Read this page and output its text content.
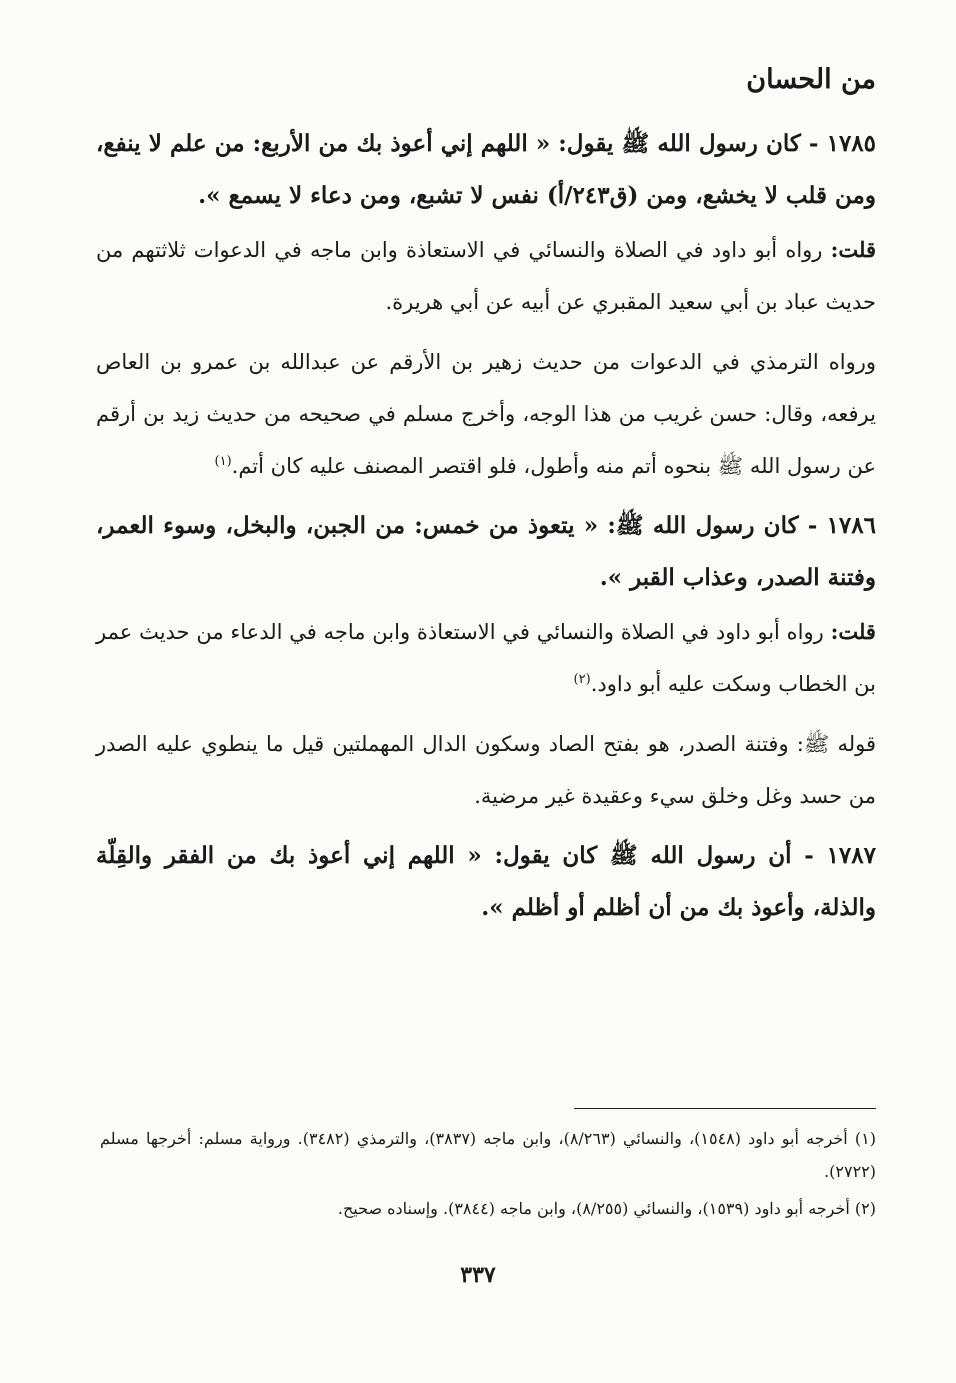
من الحسان
١٧٨٥ - كان رسول الله ﷺ يقول: « اللهم إني أعوذ بك من الأربع: من علم لا ينفع، ومن قلب لا يخشع، ومن (ق٢٤٣/أ) نفس لا تشبع، ومن دعاء لا يسمع ».
قلت: رواه أبو داود في الصلاة والنسائي في الاستعاذة وابن ماجه في الدعوات ثلاثتهم من حديث عباد بن أبي سعيد المقبري عن أبيه عن أبي هريرة.
ورواه الترمذي في الدعوات من حديث زهير بن الأرقم عن عبدالله بن عمرو بن العاص يرفعه، وقال: حسن غريب من هذا الوجه، وأخرج مسلم في صحيحه من حديث زيد بن أرقم عن رسول الله ﷺ بنحوه أتم منه وأطول، فلو اقتصر المصنف عليه كان أتم.$^{(١)}$
١٧٨٦ - كان رسول الله ﷺ: « يتعوذ من خمس: من الجبن، والبخل، وسوء العمر، وفتنة الصدر، وعذاب القبر ».
قلت: رواه أبو داود في الصلاة والنسائي في الاستعاذة وابن ماجه في الدعاء من حديث عمر بن الخطاب وسكت عليه أبو داود.$^{(٢)}$
قوله ﷺ: وفتنة الصدر، هو بفتح الصاد وسكون الدال المهملتين قيل ما ينطوي عليه الصدر من حسد وغل وخلق سيء وعقيدة غير مرضية.
١٧٨٧ - أن رسول الله ﷺ كان يقول: « اللهم إني أعوذ بك من الفقر والقِلّة والذلة، وأعوذ بك من أن أظلم أو أظلم ».

(١) أخرجه أبو داود (١٥٤٨)، والنسائي (٨/٢٦٣)، وابن ماجه (٣٨٣٧)، والترمذي (٣٤٨٢). ورواية مسلم: أخرجها مسلم (٢٧٢٢).

(٢) أخرجه أبو داود (١٥٣٩)، والنسائي (٨/٢٥٥)، وابن ماجه (٣٨٤٤). وإسناده صحيح.

٣٣٧
